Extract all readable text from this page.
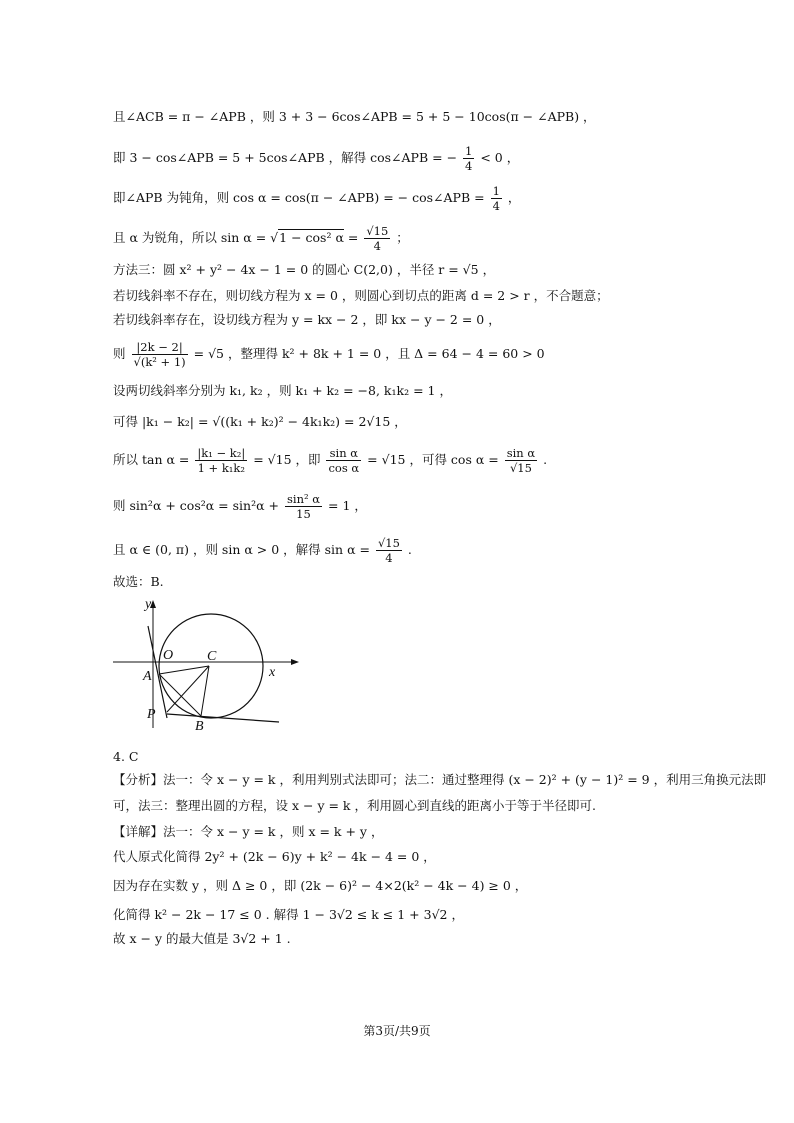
且∠ACB = π − ∠APB ，则 3 + 3 − 6cos∠APB = 5 + 5 − 10cos(π − ∠APB) ，
即 3 − cos∠APB = 5 + 5cos∠APB ，解得 cos∠APB = − $\frac{1}{4} < 0$ ，
即∠APB 为钝角，则 cos α = cos(π − ∠APB) = − cos∠APB = $\frac{1}{4}$ ，
且 α 为锐角，所以 sin α = √1 − cos² $\alpha = \frac{√15}{4}$ ；
方法三：圆 x² + y² − 4x − 1 = 0 的圆心 C(2,0) ，半径 r = √5 ，
若切线斜率不存在，则切线方程为 x = 0 ，则圆心到切点的距离 d = 2 > r ，不合题意；
若切线斜率存在，设切线方程为 y = kx − 2 ，即 kx − y − 2 = 0 ，
则 $\frac{|2k - 2|}{\text{√(k² + 1)}} = √5$ ，整理得 k² + 8k + 1 = 0 ，且 Δ = 64 − 4 = 60 > 0
设两切线斜率分别为 k₁, k₂ ，则 k₁ + k₂ = −8, k₁k₂ = 1 ，
可得 |k₁ − k₂| = √((k₁ + k₂)² − 4k₁k₂) = 2√15 ，
所以 $\tan \alpha = \frac{\text{|k₁ − k₂|}}{\text{1 + k₁k₂}} = √15$ ，即 $\frac{\text{sin α}}{\text{cos α}} = √15$ ，可得 $\cos \alpha = \frac{\text{sin α}}{√15}$ .
则 $\sin^2\alpha + \cos^2\alpha = \sin^2\alpha + \frac{\text{sin² α}}{15} = 1$ ，
且 α ∈ (0, π) ，则 sin α > 0 ，解得 $\sin \alpha = \frac{√15}{4}$ .
故选：B.
y
x
O C
A
P
B
4. C
【分析】法一：令 x − y = k ，利用判别式法即可；法二：通过整理得 (x − 2)² + (y − 1)² = 9 ，利用三角换元法即
可，法三：整理出圆的方程，设 x − y = k ，利用圆心到直线的距离小于等于半径即可.
【详解】法一：令 x − y = k ，则 x = k + y ，
代人原式化简得 2y² + (2k − 6)y + k² − 4k − 4 = 0 ，
因为存在实数 y ，则 Δ ≥ 0 ，即 (2k − 6)² − 4×2(k² − 4k − 4) ≥ 0 ，
化简得 k² − 2k − 17 ≤ 0 . 解得 1 − 3√2 ≤ k ≤ 1 + 3√2 ，
故 x − y 的最大值是 3√2 + 1 .
第3页/共9页
